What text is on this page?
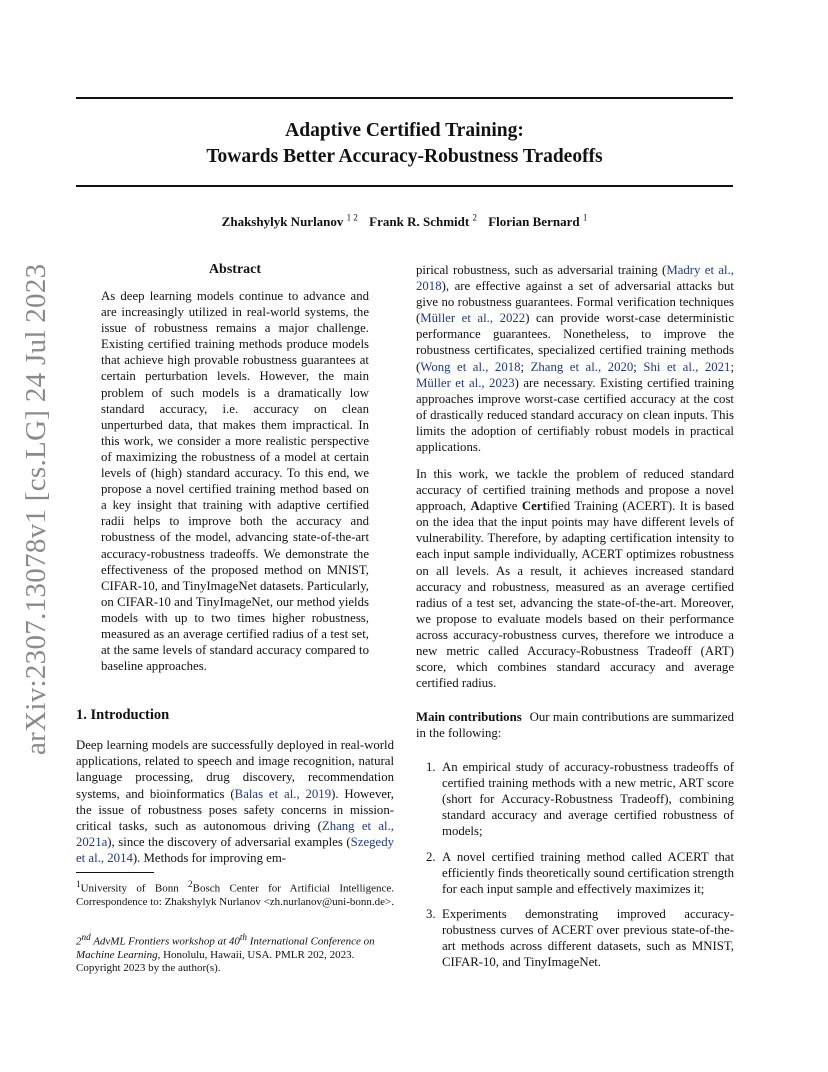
Adaptive Certified Training:
Towards Better Accuracy-Robustness Tradeoffs
Zhakshylyk Nurlanov $^{1 2}$ Frank R. Schmidt $^2$ Florian Bernard $^1$
arXiv:2307.13078v1 [cs.LG] 24 Jul 2023	Abstract
As deep learning models continue to advance and are increasingly utilized in real-world systems, the issue of robustness remains a major challenge. Existing certified training methods produce models that achieve high provable robustness guarantees at certain perturbation levels. However, the main problem of such models is a dramatically low standard accuracy, i.e. accuracy on clean unperturbed data, that makes them impractical. In this work, we consider a more realistic perspective of maximizing the robustness of a model at certain levels of (high) standard accuracy. To this end, we propose a novel certified training method based on a key insight that training with adaptive certified radii helps to improve both the accuracy and robustness of the model, advancing state-of-the-art accuracy-robustness tradeoffs. We demonstrate the effectiveness of the proposed method on MNIST, CIFAR-10, and TinyImageNet datasets. Particularly, on CIFAR-10 and TinyImageNet, our method yields models with up to two times higher robustness, measured as an average certified radius of a test set, at the same levels of standard accuracy compared to baseline approaches.
1. Introduction
Deep learning models are successfully deployed in real-world applications, related to speech and image recognition, natural language processing, drug discovery, recommendation systems, and bioinformatics (Balas et al., 2019). However, the issue of robustness poses safety concerns in mission-critical tasks, such as autonomous driving (Zhang et al., 2021a), since the discovery of adversarial examples (Szegedy et al., 2014). Methods for improving em-
$^1$University of Bonn $^2$Bosch Center for Artificial Intelligence. Correspondence to: Zhakshylyk Nurlanov <zh.nurlanov@uni-bonn.de>.
2nd AdvML Frontiers workshop at 40th International Conference on Machine Learning, Honolulu, Hawaii, USA. PMLR 202, 2023. Copyright 2023 by the author(s).
pirical robustness, such as adversarial training (Madry et al., 2018), are effective against a set of adversarial attacks but give no robustness guarantees. Formal verification techniques (Müller et al., 2022) can provide worst-case deterministic performance guarantees. Nonetheless, to improve the robustness certificates, specialized certified training methods (Wong et al., 2018; Zhang et al., 2020; Shi et al., 2021; Müller et al., 2023) are necessary. Existing certified training approaches improve worst-case certified accuracy at the cost of drastically reduced standard accuracy on clean inputs. This limits the adoption of certifiably robust models in practical applications.
In this work, we tackle the problem of reduced standard accuracy of certified training methods and propose a novel approach, Adaptive Certified Training (ACERT). It is based on the idea that the input points may have different levels of vulnerability. Therefore, by adapting certification intensity to each input sample individually, ACERT optimizes robustness on all levels. As a result, it achieves increased standard accuracy and robustness, measured as an average certified radius of a test set, advancing the state-of-the-art. Moreover, we propose to evaluate models based on their performance across accuracy-robustness curves, therefore we introduce a new metric called Accuracy-Robustness Tradeoff (ART) score, which combines standard accuracy and average certified radius.
Main contributions Our main contributions are summarized in the following:
1. An empirical study of accuracy-robustness tradeoffs of certified training methods with a new metric, ART score (short for Accuracy-Robustness Tradeoff), combining standard accuracy and average certified robustness of models;
2. A novel certified training method called ACERT that efficiently finds theoretically sound certification strength for each input sample and effectively maximizes it;
3. Experiments demonstrating improved accuracy-robustness curves of ACERT over previous state-of-the-art methods across different datasets, such as MNIST, CIFAR-10, and TinyImageNet.
